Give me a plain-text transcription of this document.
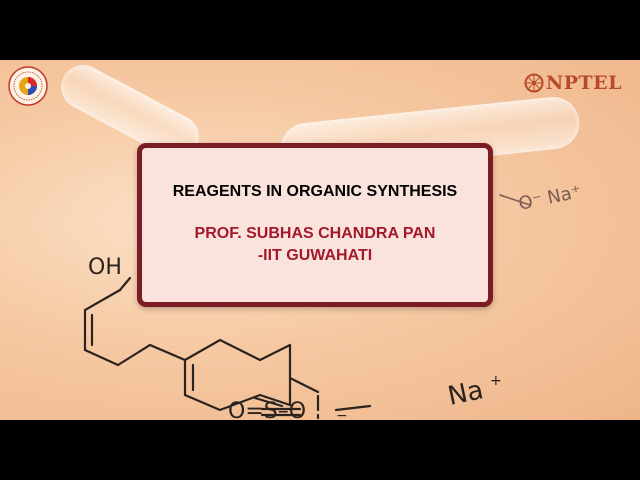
OH
O=S–O −
Na +
O⁻ Na⁺
NPTEL
REAGENTS IN ORGANIC SYNTHESIS
PROF. SUBHAS CHANDRA PAN
-IIT GUWAHATI
